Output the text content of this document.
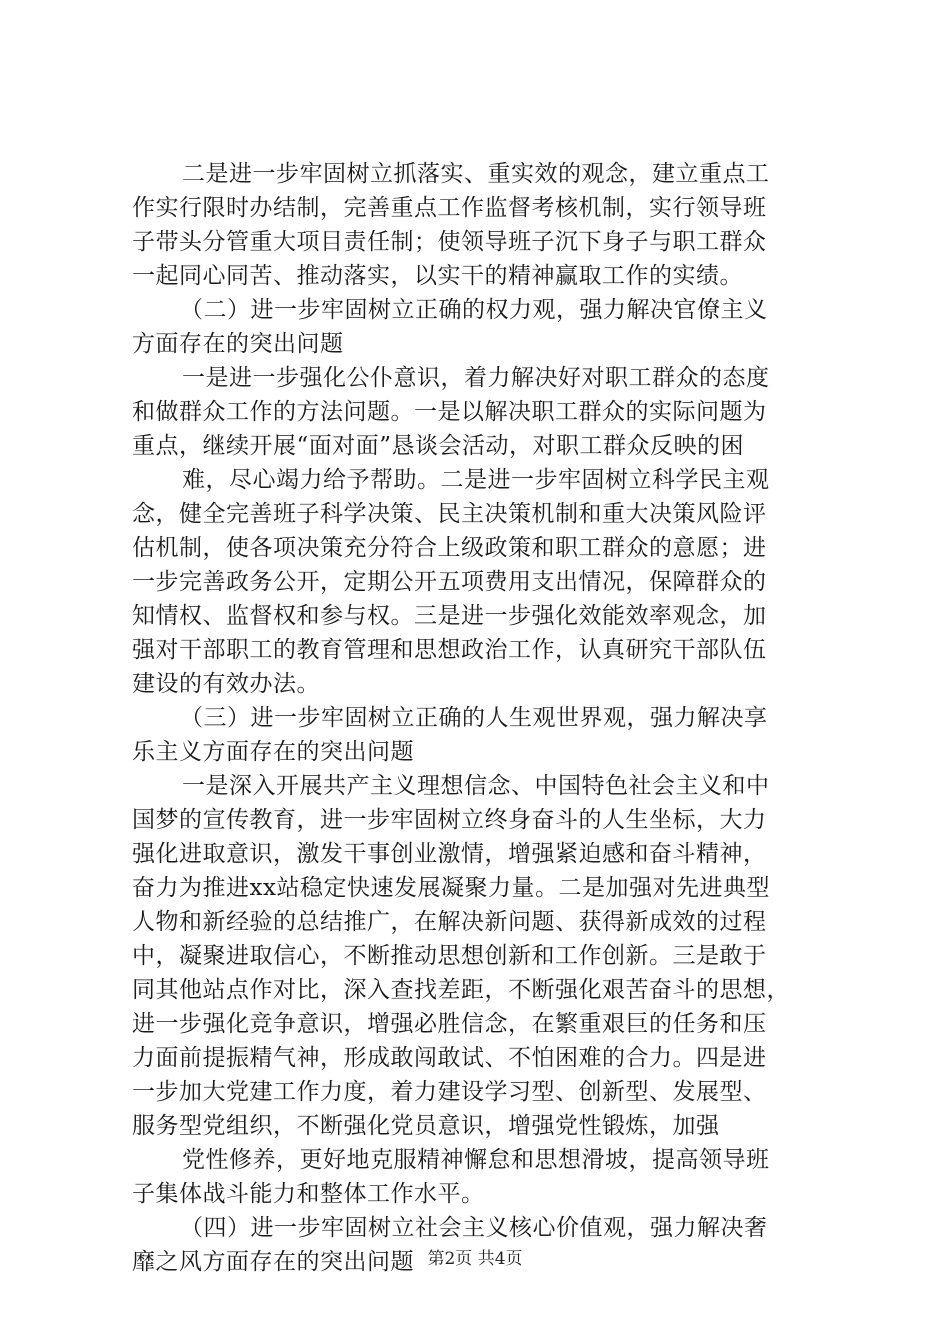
二是进一步牢固树立抓落实、重实效的观念，建立重点工
作实行限时办结制，完善重点工作监督考核机制，实行领导班
子带头分管重大项目责任制；使领导班子沉下身子与职工群众
一起同心同苦、推动落实，以实干的精神赢取工作的实绩。
（二）进一步牢固树立正确的权力观，强力解决官僚主义
方面存在的突出问题
一是进一步强化公仆意识，着力解决好对职工群众的态度
和做群众工作的方法问题。一是以解决职工群众的实际问题为
重点，继续开展“面对面”恳谈会活动，对职工群众反映的困
难，尽心竭力给予帮助。二是进一步牢固树立科学民主观
念，健全完善班子科学决策、民主决策机制和重大决策风险评
估机制，使各项决策充分符合上级政策和职工群众的意愿；进
一步完善政务公开，定期公开五项费用支出情况，保障群众的
知情权、监督权和参与权。三是进一步强化效能效率观念，加
强对干部职工的教育管理和思想政治工作，认真研究干部队伍
建设的有效办法。
（三）进一步牢固树立正确的人生观世界观，强力解决享
乐主义方面存在的突出问题
一是深入开展共产主义理想信念、中国特色社会主义和中
国梦的宣传教育，进一步牢固树立终身奋斗的人生坐标，大力
强化进取意识，激发干事创业激情，增强紧迫感和奋斗精神，
奋力为推进xx站稳定快速发展凝聚力量。二是加强对先进典型
人物和新经验的总结推广，在解决新问题、获得新成效的过程
中，凝聚进取信心，不断推动思想创新和工作创新。三是敢于
同其他站点作对比，深入查找差距，不断强化艰苦奋斗的思想，
进一步强化竞争意识，增强必胜信念，在繁重艰巨的任务和压
力面前提振精气神，形成敢闯敢试、不怕困难的合力。四是进
一步加大党建工作力度，着力建设学习型、创新型、发展型、
服务型党组织，不断强化党员意识，增强党性锻炼，加强
党性修养，更好地克服精神懈怠和思想滑坡，提高领导班
子集体战斗能力和整体工作水平。
（四）进一步牢固树立社会主义核心价值观，强力解决奢
靡之风方面存在的突出问题 第2页 共4页
